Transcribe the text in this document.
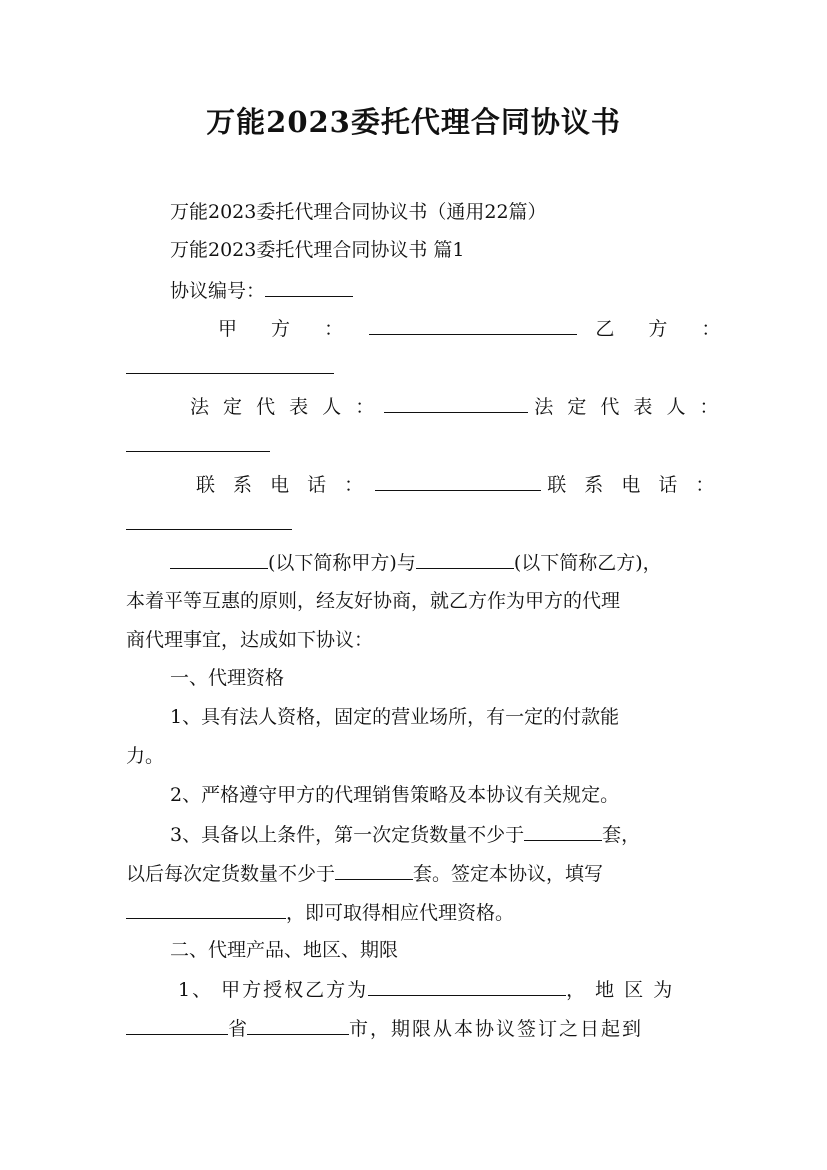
万能2023委托代理合同协议书
万能2023委托代理合同协议书（通用22篇）
万能2023委托代理合同协议书 篇1
协议编号：
甲 方 ：	乙 方 ：
法 定 代 表 人 ：	法 定 代 表 人 ：
联 系 电 话 ：	联 系 电 话 ：
(以下简称甲方)与	(以下简称乙方)，
本着平等互惠的原则，经友好协商，就乙方作为甲方的代理
商代理事宜，达成如下协议：
一、代理资格
1、具有法人资格，固定的营业场所，有一定的付款能
力。
2、严格遵守甲方的代理销售策略及本协议有关规定。
3、具备以上条件，第一次定货数量不少于	套，
以后每次定货数量不少于	套。签定本协议，填写
，即可取得相应代理资格。
二、代理产品、地区、期限
1、 甲方授权乙方为	， 地 区 为
省	市，期限从本协议签订之日起到
